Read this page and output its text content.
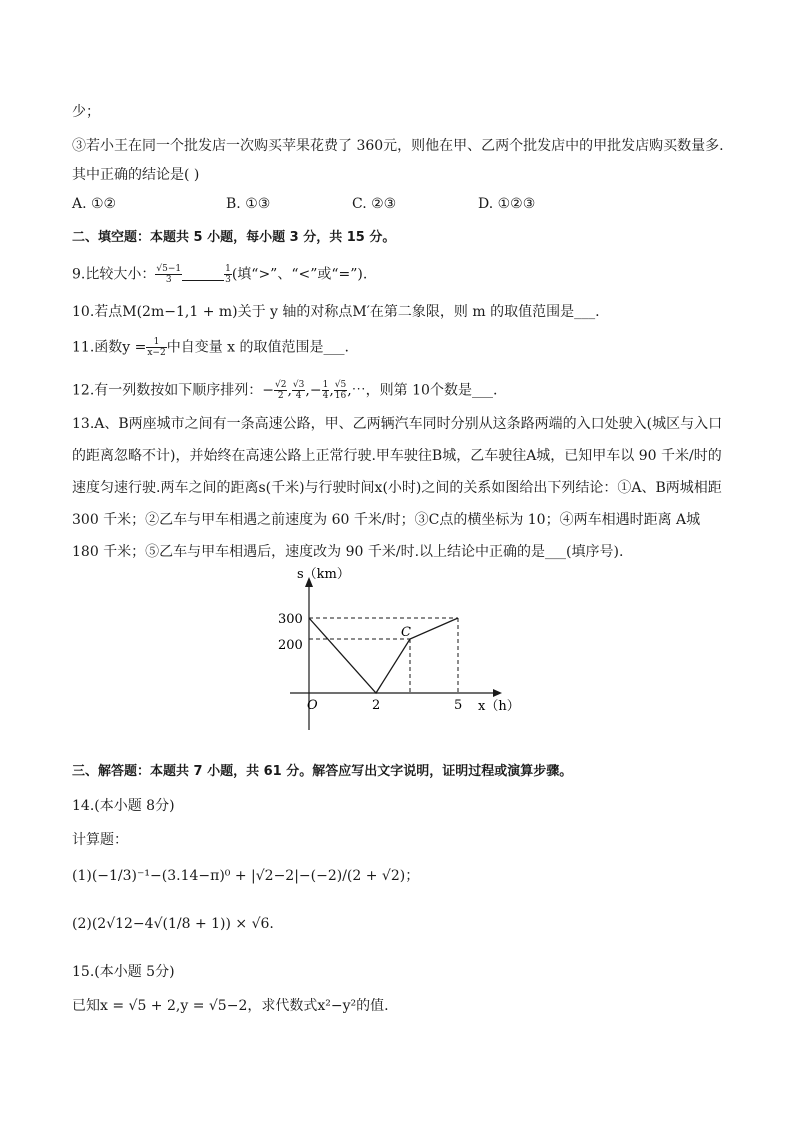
少；
③若小王在同一个批发店一次购买苹果花费了 360元，则他在甲、乙两个批发店中的甲批发店购买数量多.
其中正确的结论是( )
A. ①②	B. ①③	C. ②③	D. ①②③
二、填空题：本题共 5 小题，每小题 3 分，共 15 分。
9.比较大小： $\frac{√5-1}{3}$	$\frac{1}{3}$ (填“>”、“<”或“=”).
10.若点M(2m−1,1 + m)关于 y 轴的对称点M′在第二象限，则 m 的取值范围是___.
11.函数$y = \frac{1}{x-2}$ 中自变量 x 的取值范围是___.
12.有一列数按如下顺序排列：− $\frac{√2}{2}$ , $\frac{√3}{4}$ ,− $\frac{1}{4}$ , $\frac{√5}{16}$ ,⋯，则第 10个数是___.
13.A、B两座城市之间有一条高速公路，甲、乙两辆汽车同时分别从这条路两端的入口处驶入(城区与入口的距离忽略不计)，并始终在高速公路上正常行驶.甲车驶往B城，乙车驶往A城，已知甲车以 90 千米/时的速度匀速行驶.两车之间的距离s(千米)与行驶时间x(小时)之间的关系如图给出下列结论：①A、B两城相距 300 千米；②乙车与甲车相遇之前速度为 60 千米/时；③C点的横坐标为 10；④两车相遇时距离 A城180 千米；⑤乙车与甲车相遇后，速度改为 90 千米/时.以上结论中正确的是___(填序号).
s（km）
x（h）
O
C
300
200
2	5
三、解答题：本题共 7 小题，共 61 分。解答应写出文字说明，证明过程或演算步骤。
14.(本小题 8分)
计算题：
(1)(−1/3)⁻¹−(3.14−π)⁰ + |√2−2|−(−2)/(2 + √2)；
(2)(2√12−4√(1/8 + 1)) × √6.
15.(本小题 5分)
已知x = √5 + 2,y = √5−2，求代数式x²−y²的值.
